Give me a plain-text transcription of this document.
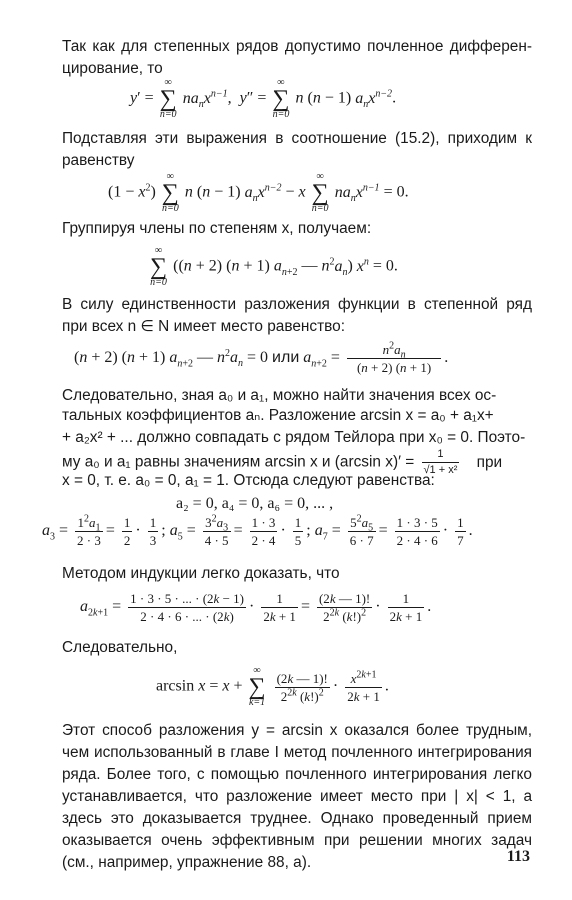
Так как для степенных рядов допустимо почленное дифферен-цирование, то

y′ =
∞
∑
n=0
$na_nx^{n-1}$,  y″ =
∞
∑
n=0
n (n − 1) $a_nx^{n-2}$.

Подставляя эти выражения в соотношение (15.2), приходим к равенству

$(1 - x^2)$
∞
∑
n=0
n (n − 1) $a_nx^{n-2} - x$
∞
∑
n=0
$na_nx^{n-1} = 0$.

Группируя члены по степеням x, получаем:

∞
∑
n=0
((n + 2) (n + 1) $a_{n+2}$ — $n^2a_n$) $x^n = 0$.

В силу единственности разложения функции в степенной ряд при всех n ∈ N имеет место равенство:

(n + 2) (n + 1) $a_{n+2}$ — $n^2a_n = 0$ или $a_{n+2} = \frac{n^2a_n}{(n + 2) (n + 1)}$ .
Следовательно, зная a₀ и a₁, можно найти значения всех ос-
тальных коэффициентов aₙ. Разложение arcsin x = a₀ + a₁x+
+ a₂x² + ... должно совпадать с рядом Тейлора при x₀ = 0. Поэто-
му a₀ и a₁ равны значениям arcsin x и (arcsin $x)' = \frac{1}{\text{√1 + x²}}$ при
x = 0, т. е. a₀ = 0, a₁ = 1. Отсюда следуют равенства:
a₂ = 0, a₄ = 0, a₆ = 0, ... ,
$a_3 = \frac{1^2a_1}{2 \cdot 3} = \frac{1}{2} \cdot \frac{1}{3}$ ; $a_5 = \frac{3^2a_3}{4 \cdot 5} = \frac{1 \cdot 3}{2 \cdot 4} \cdot \frac{1}{5}$ ; $a_7 = \frac{5^2a_5}{6 \cdot 7} = \frac{1 \cdot 3 \cdot 5}{2 \cdot 4 \cdot 6} \cdot \frac{1}{7}$ .

Методом индукции легко доказать, что

$a_{2k+1} = \frac{1 \cdot 3 \cdot 5 \cdot ... \cdot (2k - 1)}{2 \cdot 4 \cdot 6 \cdot ... \cdot (2k)} \cdot \frac{1}{2k + 1} = \frac{(2k — 1)!}{2^{2k} (k!)^2} \cdot \frac{1}{2k + 1}$ .

Следовательно,

arcsin x = x +
∞
∑
k=1
$\frac{(2k — 1)!}{2^{2k} (k!)^2} \cdot \frac{x^{2k+1}}{2k + 1}$ .

Этот способ разложения y = arcsin x оказался более трудным, чем использованный в главе I метод почленного интегрирования ряда. Более того, с помощью почленного интегрирования легко устанавливается, что разложение имеет место при | x| < 1, а здесь это доказывается труднее. Однако проведенный прием оказывается очень эффективным при решении многих задач (см., например, упражнение 88, а).	113
